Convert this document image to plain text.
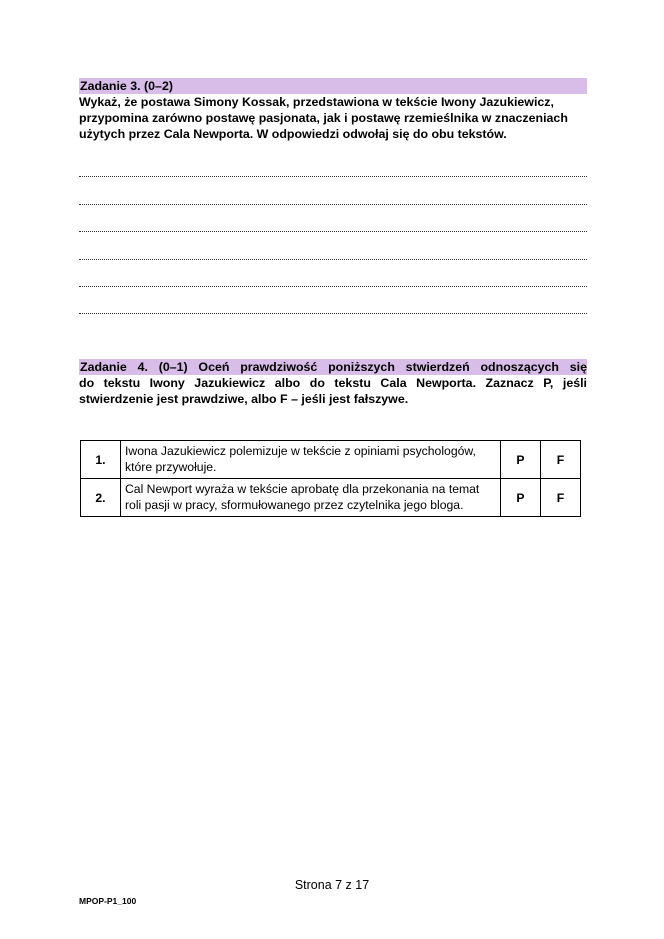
Zadanie 3. (0–2)
Wykaż, że postawa Simony Kossak, przedstawiona w tekście Iwony Jazukiewicz, przypomina zarówno postawę pasjonata, jak i postawę rzemieślnika w znaczeniach użytych przez Cala Newporta. W odpowiedzi odwołaj się do obu tekstów.
Zadanie 4. (0–1) Oceń prawdziwość poniższych stwierdzeń odnoszących się
do tekstu Iwony Jazukiewicz albo do tekstu Cala Newporta. Zaznacz P, jeśli
stwierdzenie jest prawdziwe, albo F – jeśli jest fałszywe.
1.	Iwona Jazukiewicz polemizuje w tekście z opiniami psychologów, które przywołuje.	P	F
2.	Cal Newport wyraża w tekście aprobatę dla przekonania na temat roli pasji w pracy, sformułowanego przez czytelnika jego bloga.	P	F
Strona 7 z 17
MPOP-P1_100
